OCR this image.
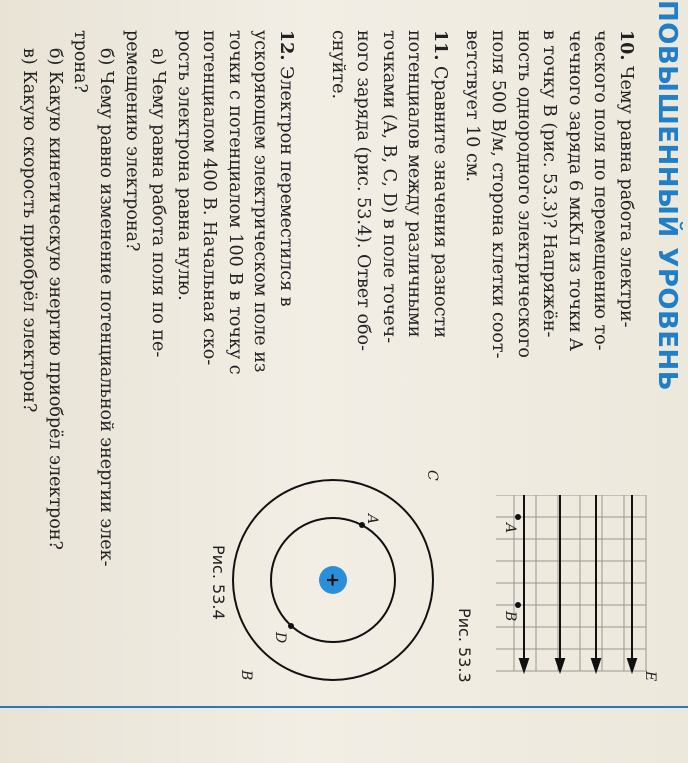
ПОВЫШЕННЫЙ УРОВЕНЬ
10. Чему равна работа электри-
ческого поля по перемещению то-
чечного заряда 6 мкКл из точки A
в точку B (рис. 53.3)? Напряжён-
ность однородного электрического
поля 500 В/м, сторона клетки соот-
ветствует 10 см.
A
B
E
Рис. 53.3
11. Сравните значения разности
потенциалов между различными
точками (A, B, C, D) в поле точеч-
ного заряда (рис. 53.4). Ответ обо-
снуйте.
+
A
D
C
B
Рис. 53.4
12. Электрон переместился в
ускоряющем электрическом поле из
точки с потенциалом 100 В в точку с
потенциалом 400 В. Начальная ско-
рость электрона равна нулю.
а) Чему равна работа поля по пе-
ремещению электрона?
б) Чему равно изменение потенциальной энергии элек-
трона?
б) Какую кинетическую энергию приобрёл электрон?
в) Какую скорость приобрёл электрон?
